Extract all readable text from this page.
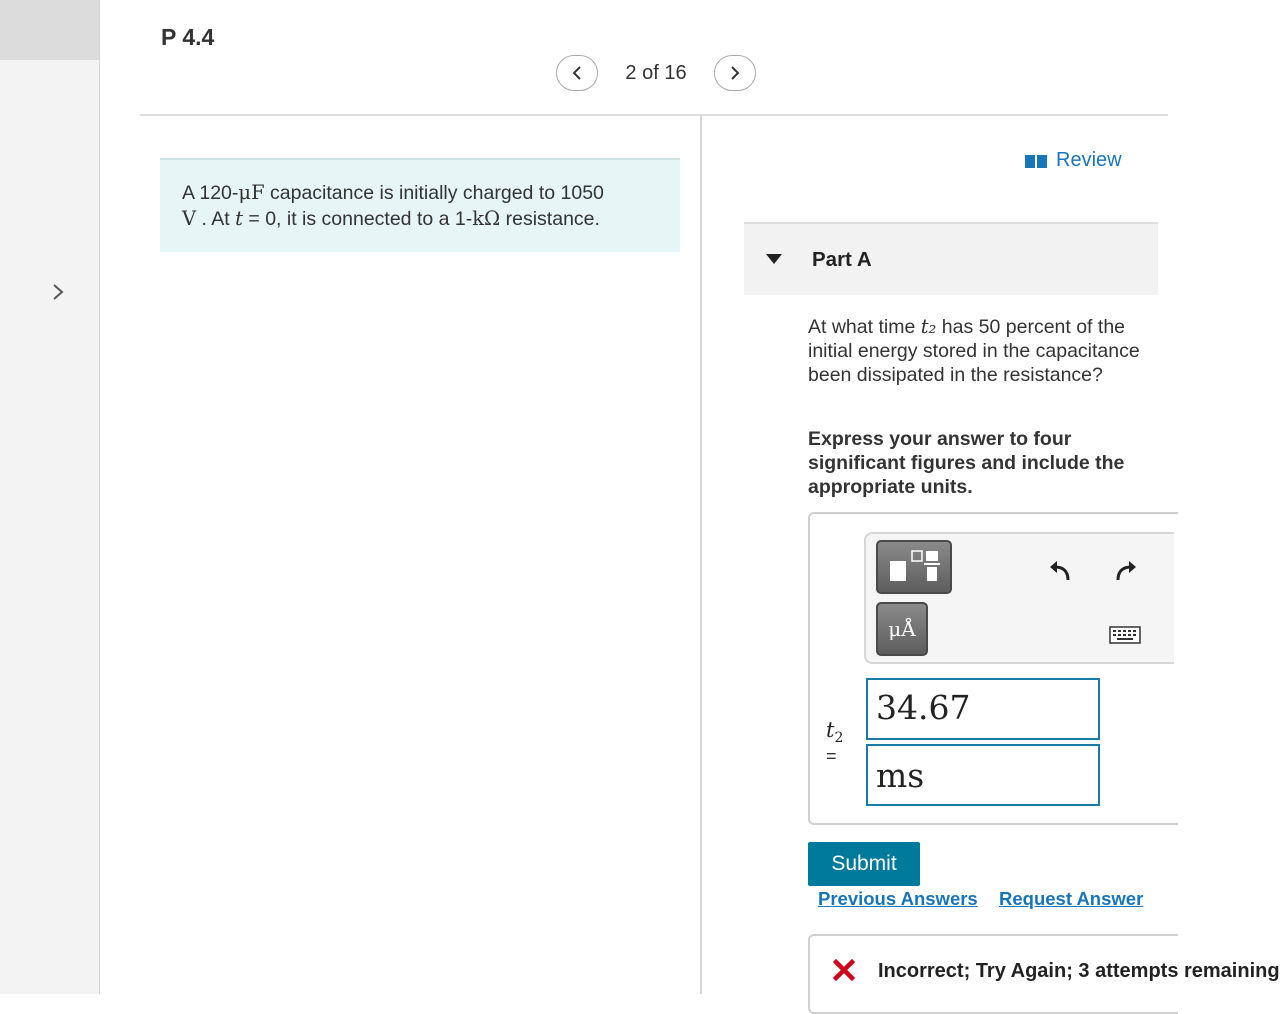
P 4.4
2 of 16
A 120-μF capacitance is initially charged to 1050
V . At t = 0, it is connected to a 1-kΩ resistance.
Review
Part A
At what time t₂ has 50 percent of the initial energy stored in the capacitance been dissipated in the resistance?
Express your answer to four significant figures and include the appropriate units.
μÅ
$t_2$
=
34.67
ms
Submit
Previous Answers Request Answer
Incorrect; Try Again; 3 attempts remaining
